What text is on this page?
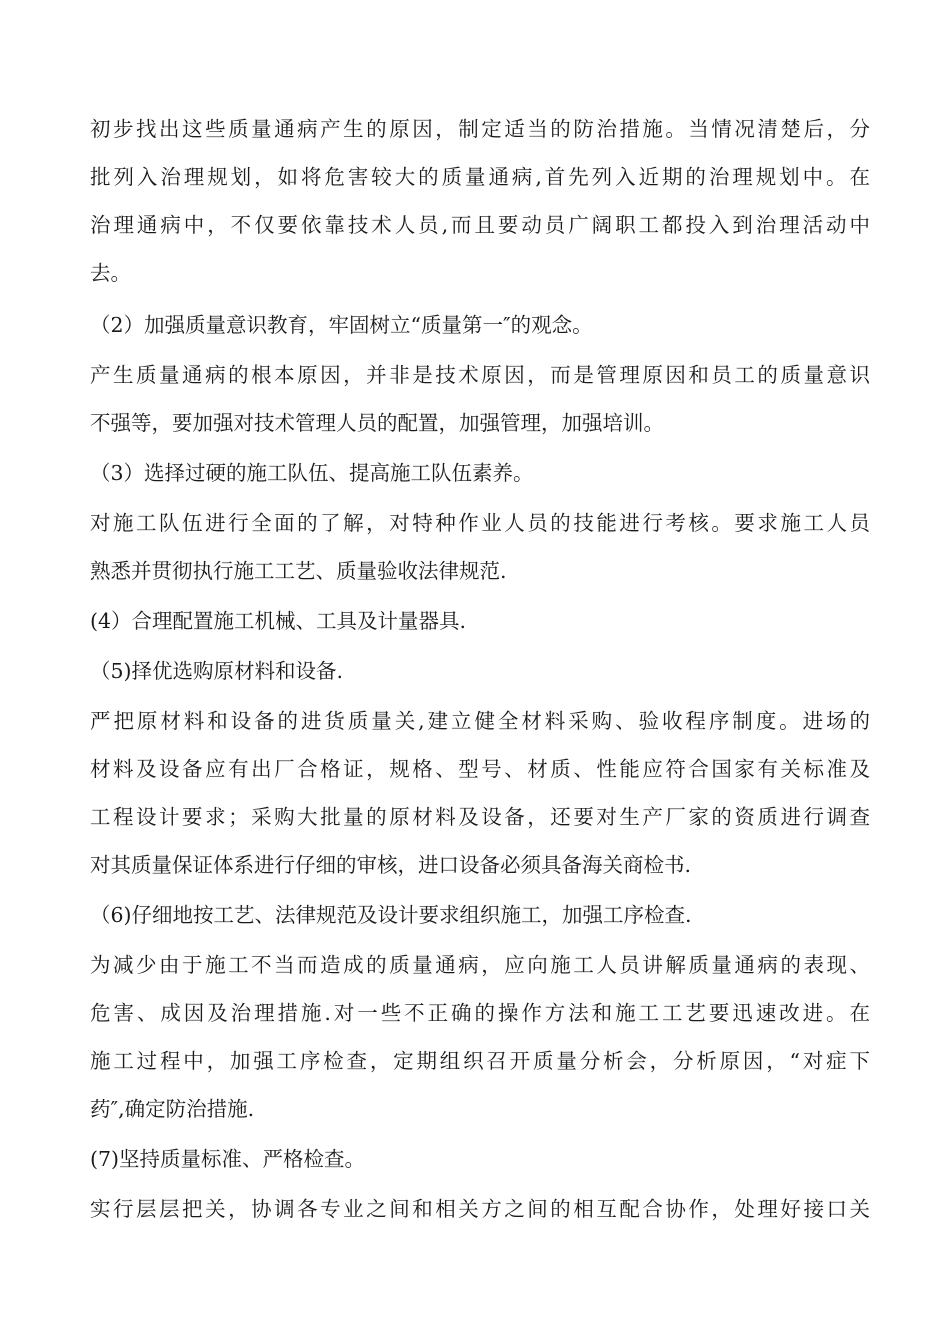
初步找出这些质量通病产生的原因，制定适当的防治措施。当情况清楚后，分
批列入治理规划，如将危害较大的质量通病,首先列入近期的治理规划中。在
治理通病中，不仅要依靠技术人员,而且要动员广阔职工都投入到治理活动中
去。
（2）加强质量意识教育，牢固树立“质量第一″的观念。
产生质量通病的根本原因，并非是技术原因，而是管理原因和员工的质量意识
不强等，要加强对技术管理人员的配置，加强管理，加强培训。
（3）选择过硬的施工队伍、提高施工队伍素养。
对施工队伍进行全面的了解，对特种作业人员的技能进行考核。要求施工人员
熟悉并贯彻执行施工工艺、质量验收法律规范.
(4）合理配置施工机械、工具及计量器具.
（5)择优选购原材料和设备.
严把原材料和设备的进货质量关,建立健全材料采购、验收程序制度。进场的
材料及设备应有出厂合格证，规格、型号、材质、性能应符合国家有关标准及
工程设计要求；采购大批量的原材料及设备，还要对生产厂家的资质进行调查
对其质量保证体系进行仔细的审核，进口设备必须具备海关商检书.
（6)仔细地按工艺、法律规范及设计要求组织施工，加强工序检查.
为减少由于施工不当而造成的质量通病，应向施工人员讲解质量通病的表现、
危害、成因及治理措施.对一些不正确的操作方法和施工工艺要迅速改进。在
施工过程中，加强工序检查，定期组织召开质量分析会，分析原因，“对症下
药″,确定防治措施.
(7)坚持质量标准、严格检查。
实行层层把关，协调各专业之间和相关方之间的相互配合协作，处理好接口关
